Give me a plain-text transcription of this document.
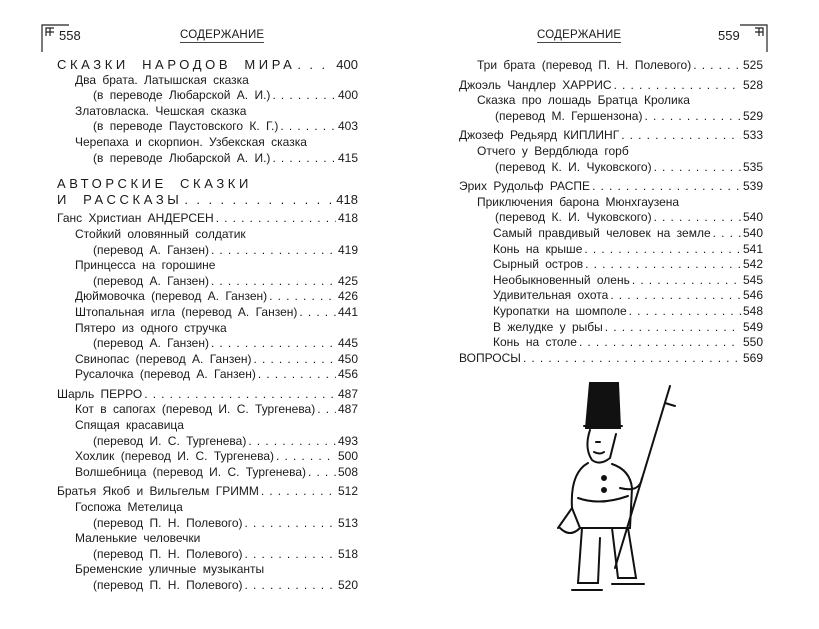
558	СОДЕРЖАНИЕ
СКАЗКИ НАРОДОВ МИРА . . .	400
Два брата. Латышская сказка
(в переводе Любарской А. И.) . . .	400
Златовласка. Чешская сказка
(в переводе Паустовского К. Г.) . . .	403
Черепаха и скорпион. Узбекская сказка
(в переводе Любарской А. И.) . . .	415
АВТОРСКИЕ СКАЗКИ
И РАССКАЗЫ . . .	418
Ганс Христиан АНДЕРСЕН . . .	418
Стойкий оловянный солдатик
(перевод А. Ганзен) . . .	419
Принцесса на горошине
(перевод А. Ганзен) . . .	425
Дюймовочка (перевод А. Ганзен) . . .	426
Штопальная игла (перевод А. Ганзен) . . .	441
Пятеро из одного стручка
(перевод А. Ганзен) . . .	445
Свинопас (перевод А. Ганзен) . . .	450
Русалочка (перевод А. Ганзен) . . .	456
Шарль ПЕРРО . . .	487
Кот в сапогах (перевод И. С. Тургенева) . . . 487
Спящая красавица
(перевод И. С. Тургенева) . . .	493
Хохлик (перевод И. С. Тургенева) . . .	500
Волшебница (перевод И. С. Тургенева) . . .	508
Братья Якоб и Вильгельм ГРИММ . . .	512
Госпожа Метелица
(перевод П. Н. Полевого) . . .	513
Маленькие человечки
(перевод П. Н. Полевого) . . .	518
Бременские уличные музыканты
(перевод П. Н. Полевого) . . .	520
СОДЕРЖАНИЕ	559
Три брата (перевод П. Н. Полевого) . . .	525
Джоэль Чандлер ХАРРИС . . .	528
Сказка про лошадь Братца Кролика
(перевод М. Гершензона) . . .	529
Джозеф Редьярд КИПЛИНГ . . .	533
Отчего у Вердблюда горб
(перевод К. И. Чуковского) . . .	535
Эрих Рудольф РАСПЕ . . .	539
Приключения барона Мюнхгаузена
(перевод К. И. Чуковского) . . .	540
Самый правдивый человек на земле . . .	540
Конь на крыше . . .	541
Сырный остров . . .	542
Необыкновенный олень . . .	545
Удивительная охота . . .	546
Куропатки на шомполе . . .	548
В желудке у рыбы . . .	549
Конь на столе . . .	550
ВОПРОСЫ . . .	569
